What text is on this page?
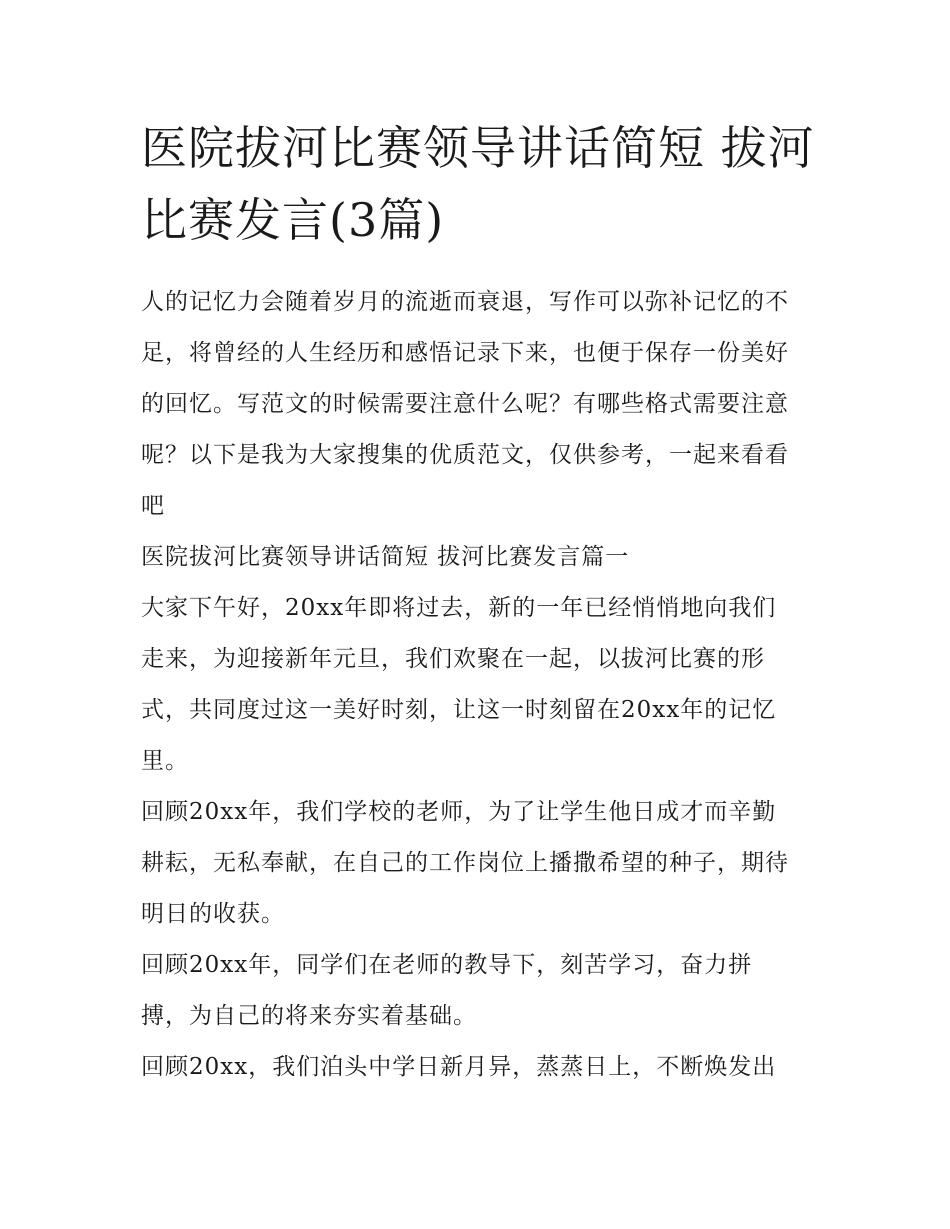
医院拔河比赛领导讲话简短 拔河比赛发言(3篇)

人的记忆力会随着岁月的流逝而衰退，写作可以弥补记忆的不

足，将曾经的人生经历和感悟记录下来，也便于保存一份美好

的回忆。写范文的时候需要注意什么呢？有哪些格式需要注意

呢？以下是我为大家搜集的优质范文，仅供参考，一起来看看

吧

医院拔河比赛领导讲话简短 拔河比赛发言篇一

大家下午好，20xx年即将过去，新的一年已经悄悄地向我们

走来，为迎接新年元旦，我们欢聚在一起，以拔河比赛的形

式，共同度过这一美好时刻，让这一时刻留在20xx年的记忆

里。

回顾20xx年，我们学校的老师，为了让学生他日成才而辛勤

耕耘，无私奉献，在自己的工作岗位上播撒希望的种子，期待

明日的收获。

回顾20xx年，同学们在老师的教导下，刻苦学习，奋力拼

搏，为自己的将来夯实着基础。

回顾20xx，我们泊头中学日新月异，蒸蒸日上，不断焕发出
